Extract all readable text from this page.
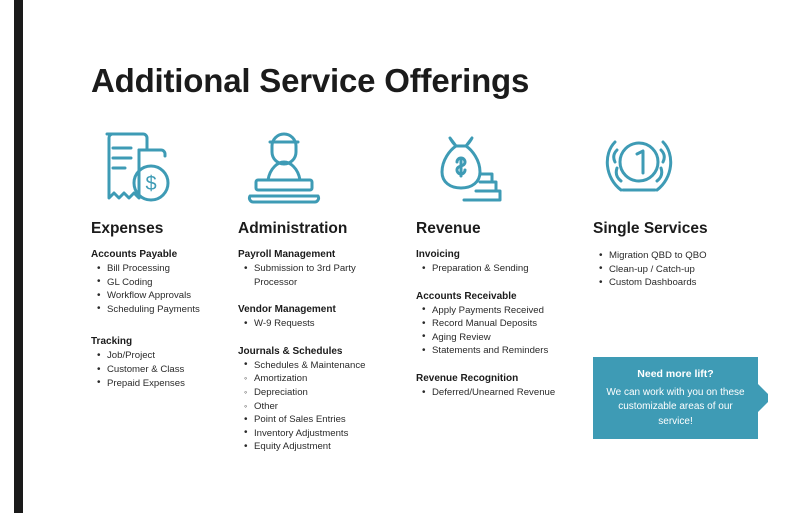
Additional Service Offerings
$
Expenses
Accounts Payable
• Bill Processing
• GL Coding
• Workflow Approvals
• Scheduling Payments
Tracking
• Job/Project
• Customer & Class
• Prepaid Expenses
Administration
Payroll Management
• Submission to 3rd Party Processor
Vendor Management
• W-9 Requests
Journals & Schedules
• Schedules & Maintenance
◦ Amortization
◦ Depreciation
◦ Other
• Point of Sales Entries
• Inventory Adjustments
• Equity Adjustment
Revenue
Invoicing
• Preparation & Sending
Accounts Receivable
• Apply Payments Received
• Record Manual Deposits
• Aging Review
• Statements and Reminders
Revenue Recognition
• Deferred/Unearned Revenue
Single Services
• Migration QBD to QBO
• Clean-up / Catch-up
• Custom Dashboards
Need more lift?
We can work with you on these customizable areas of our service!
